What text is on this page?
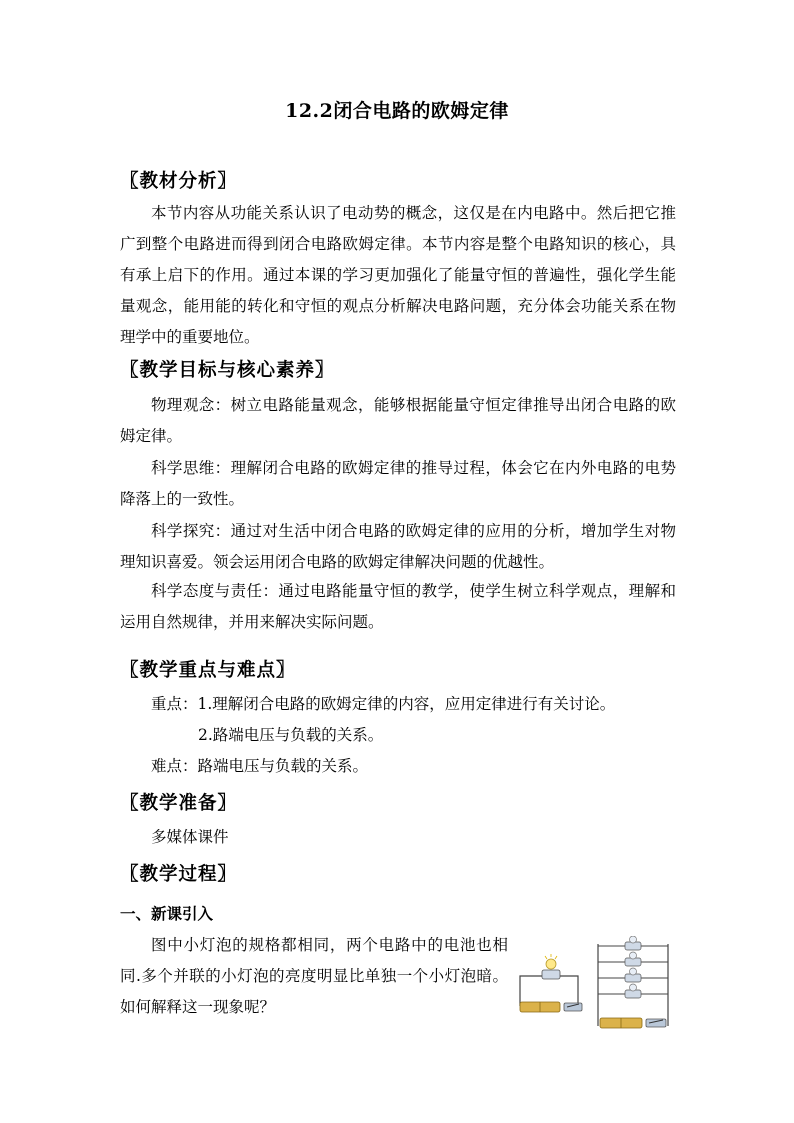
12.2闭合电路的欧姆定律
〖教材分析〗
本节内容从功能关系认识了电动势的概念，这仅是在内电路中。然后把它推广到整个电路进而得到闭合电路欧姆定律。本节内容是整个电路知识的核心，具有承上启下的作用。通过本课的学习更加强化了能量守恒的普遍性，强化学生能量观念，能用能的转化和守恒的观点分析解决电路问题，充分体会功能关系在物理学中的重要地位。
〖教学目标与核心素养〗
物理观念：树立电路能量观念，能够根据能量守恒定律推导出闭合电路的欧姆定律。
科学思维：理解闭合电路的欧姆定律的推导过程，体会它在内外电路的电势降落上的一致性。
科学探究：通过对生活中闭合电路的欧姆定律的应用的分析，增加学生对物理知识喜爱。领会运用闭合电路的欧姆定律解决问题的优越性。
科学态度与责任：通过电路能量守恒的教学，使学生树立科学观点，理解和运用自然规律，并用来解决实际问题。
〖教学重点与难点〗
重点：1.理解闭合电路的欧姆定律的内容，应用定律进行有关讨论。
2.路端电压与负载的关系。
难点：路端电压与负载的关系。
〖教学准备〗
多媒体课件
〖教学过程〗
一、新课引入
图中小灯泡的规格都相同，两个电路中的电池也相同.多个并联的小灯泡的亮度明显比单独一个小灯泡暗。如何解释这一现象呢？
